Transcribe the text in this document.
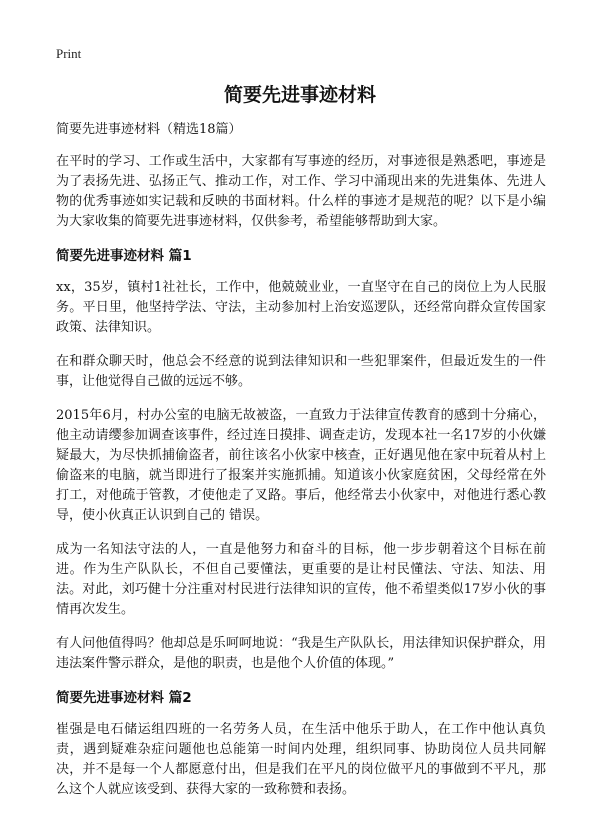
Print
简要先进事迹材料

简要先进事迹材料（精选18篇）

在平时的学习、工作或生活中，大家都有写事迹的经历，对事迹很是熟悉吧，事迹是为了表扬先进、弘扬正气、推动工作，对工作、学习中涌现出来的先进集体、先进人物的优秀事迹如实记载和反映的书面材料。什么样的事迹才是规范的呢？以下是小编为大家收集的简要先进事迹材料，仅供参考，希望能够帮助到大家。

简要先进事迹材料 篇1

xx，35岁，镇村1社社长，工作中，他兢兢业业，一直坚守在自己的岗位上为人民服务。平日里，他坚持学法、守法，主动参加村上治安巡逻队，还经常向群众宣传国家政策、法律知识。

在和群众聊天时，他总会不经意的说到法律知识和一些犯罪案件，但最近发生的一件事，让他觉得自己做的远远不够。

2015年6月，村办公室的电脑无故被盗，一直致力于法律宣传教育的感到十分痛心，他主动请缨参加调查该事件，经过连日摸排、调查走访，发现本社一名17岁的小伙嫌疑最大，为尽快抓捕偷盗者，前往该名小伙家中核查，正好遇见他在家中玩着从村上偷盗来的电脑，就当即进行了报案并实施抓捕。知道该小伙家庭贫困，父母经常在外打工，对他疏于管教，才使他走了叉路。事后，他经常去小伙家中，对他进行悉心教导，使小伙真正认识到自己的 错误。

成为一名知法守法的人，一直是他努力和奋斗的目标，他一步步朝着这个目标在前进。作为生产队队长，不但自己要懂法，更重要的是让村民懂法、守法、知法、用法。对此，刘巧健十分注重对村民进行法律知识的宣传，他不希望类似17岁小伙的事情再次发生。

有人问他值得吗？他却总是乐呵呵地说：“我是生产队队长，用法律知识保护群众，用违法案件警示群众，是他的职责，也是他个人价值的体现。”

简要先进事迹材料 篇2

崔强是电石储运组四班的一名劳务人员，在生活中他乐于助人，在工作中他认真负责，遇到疑难杂症问题他也总能第一时间内处理，组织同事、协助岗位人员共同解决，并不是每一个人都愿意付出，但是我们在平凡的岗位做平凡的事做到不平凡，那么这个人就应该受到、获得大家的一致称赞和表扬。
